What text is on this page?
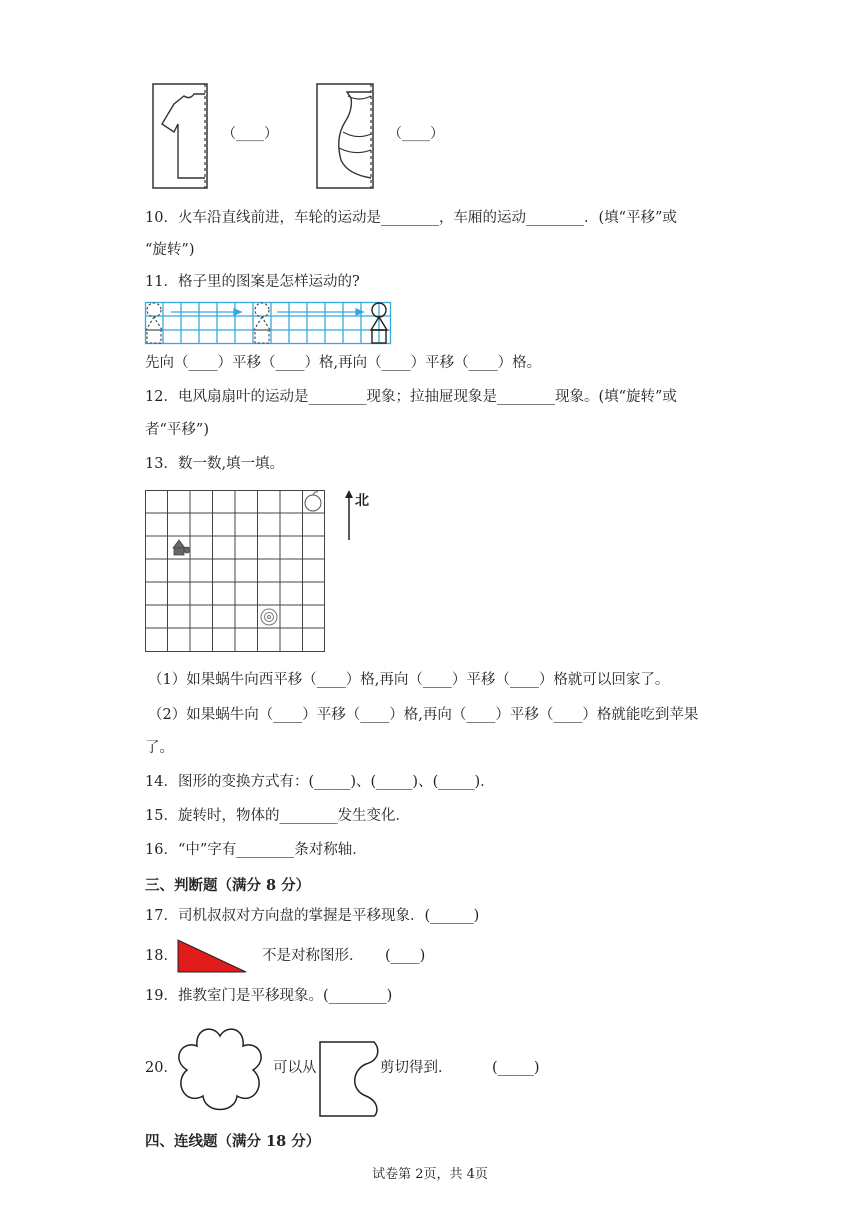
（____）	（____）
10．火车沿直线前进，车轮的运动是________，车厢的运动________．(填“平移”或
“旋转”)
11．格子里的图案是怎样运动的?
先向（____）平移（____）格,再向（____）平移（____）格。
12．电风扇扇叶的运动是________现象；拉抽屉现象是________现象。(填“旋转”或
者“平移”)
13．数一数,填一填。
北
（1）如果蜗牛向西平移（____）格,再向（____）平移（____）格就可以回家了。
（2）如果蜗牛向（____）平移（____）格,再向（____）平移（____）格就能吃到苹果
了。
14．图形的变换方式有：(_____)、(_____)、(_____)．
15．旋转时，物体的________发生变化．
16．“中”字有________条对称轴．
三、判断题（满分 8 分）
17．司机叔叔对方向盘的掌握是平移现象．(______)
18．	不是对称图形． (____)
19．推教室门是平移现象。(________)
20．	可以从	剪切得到．	(_____)
四、连线题（满分 18 分）
试卷第 2页，共 4页
